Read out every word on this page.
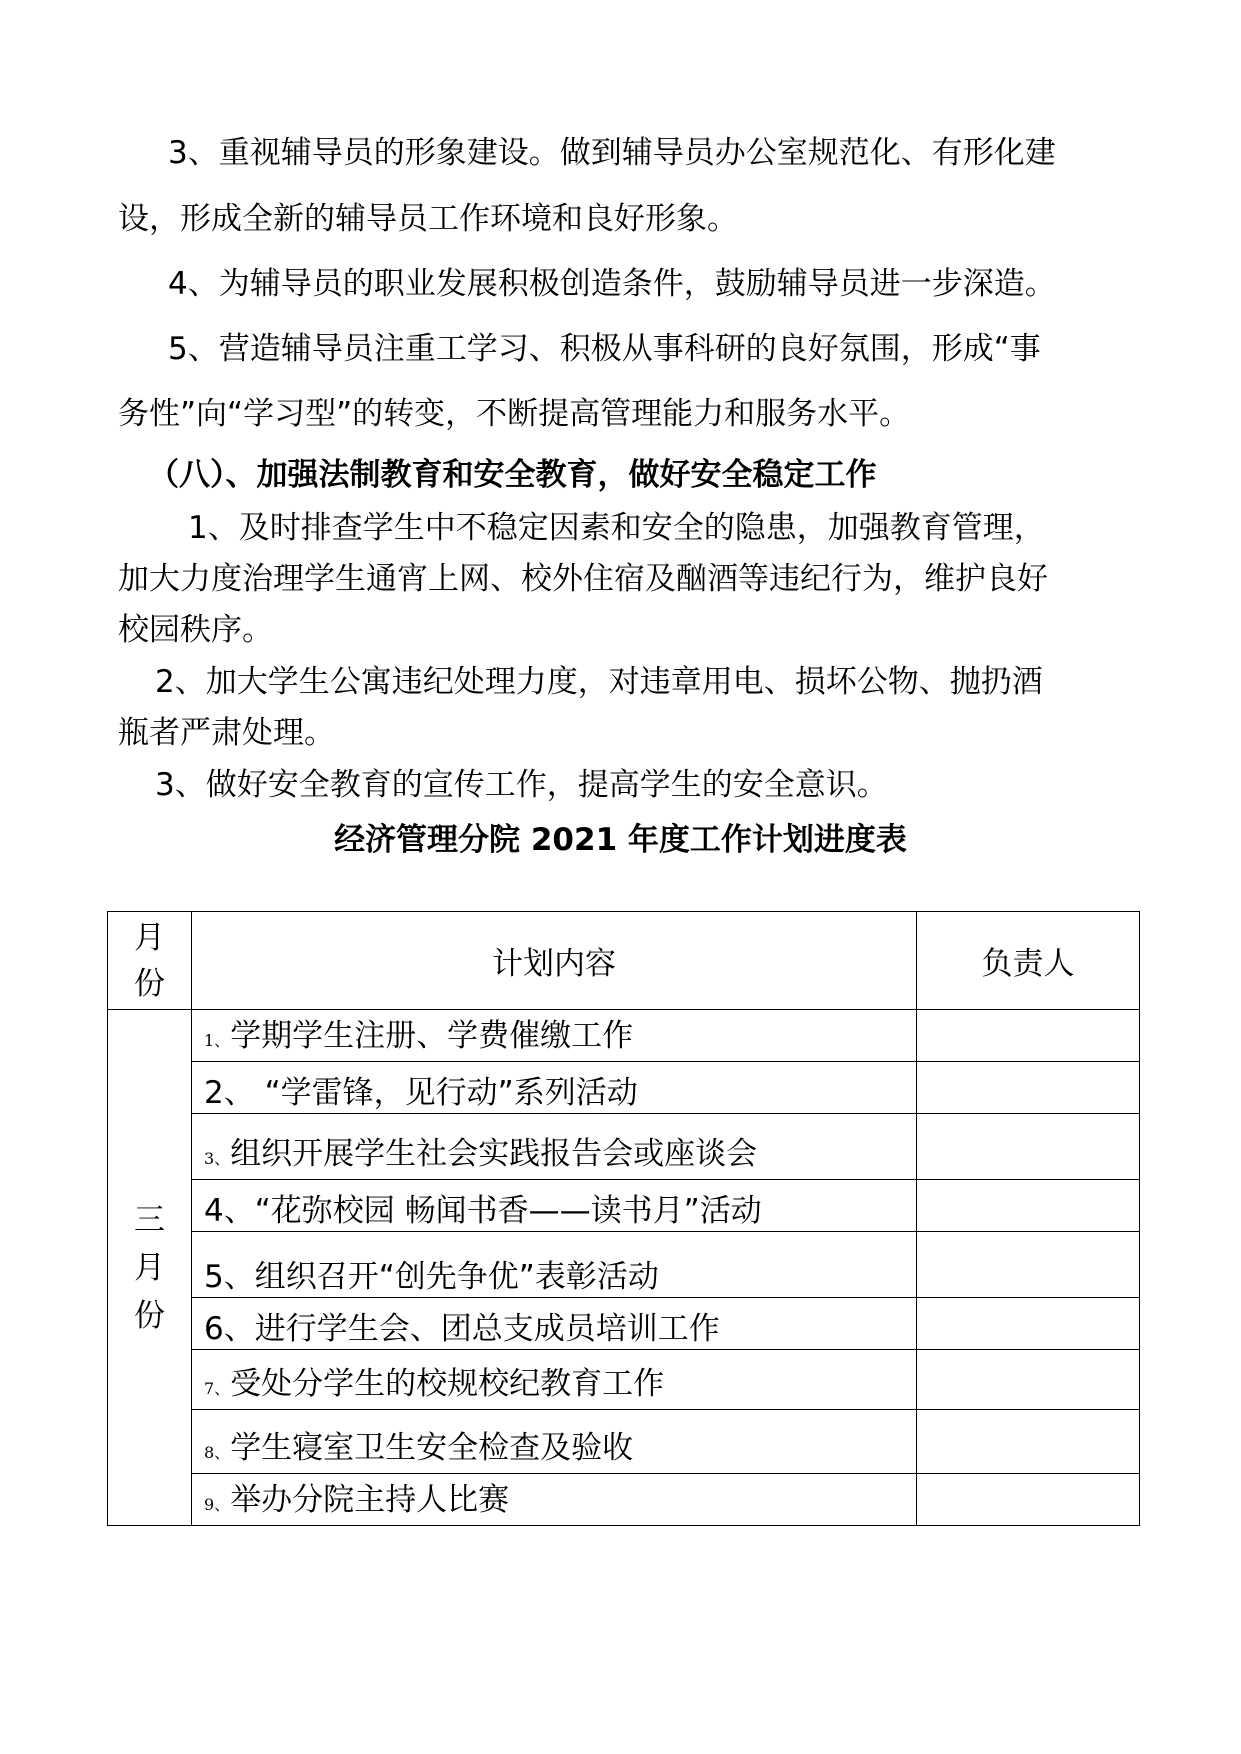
3、重视辅导员的形象建设。做到辅导员办公室规范化、有形化建
设，形成全新的辅导员工作环境和良好形象。
4、为辅导员的职业发展积极创造条件，鼓励辅导员进一步深造。
5、营造辅导员注重工学习、积极从事科研的良好氛围，形成“事
务性”向“学习型”的转变，不断提高管理能力和服务水平。
（八）、加强法制教育和安全教育，做好安全稳定工作
1、及时排查学生中不稳定因素和安全的隐患，加强教育管理，
加大力度治理学生通宵上网、校外住宿及酗酒等违纪行为，维护良好
校园秩序。
2、加大学生公寓违纪处理力度，对违章用电、损坏公物、抛扔酒
瓶者严肃处理。
3、做好安全教育的宣传工作，提高学生的安全意识。
经济管理分院 2021 年度工作计划进度表
月
份	计划内容	负责人

三
月
份	1、学期学生注册、学费催缴工作	
	2、 “学雷锋，见行动”系列活动	
	3、组织开展学生社会实践报告会或座谈会	
	4、“花弥校园 畅闻书香——读书月”活动	
	5、组织召开“创先争优”表彰活动	
	6、进行学生会、团总支成员培训工作	
	7、受处分学生的校规校纪教育工作	
	8、学生寝室卫生安全检查及验收	
	9、举办分院主持人比赛	
